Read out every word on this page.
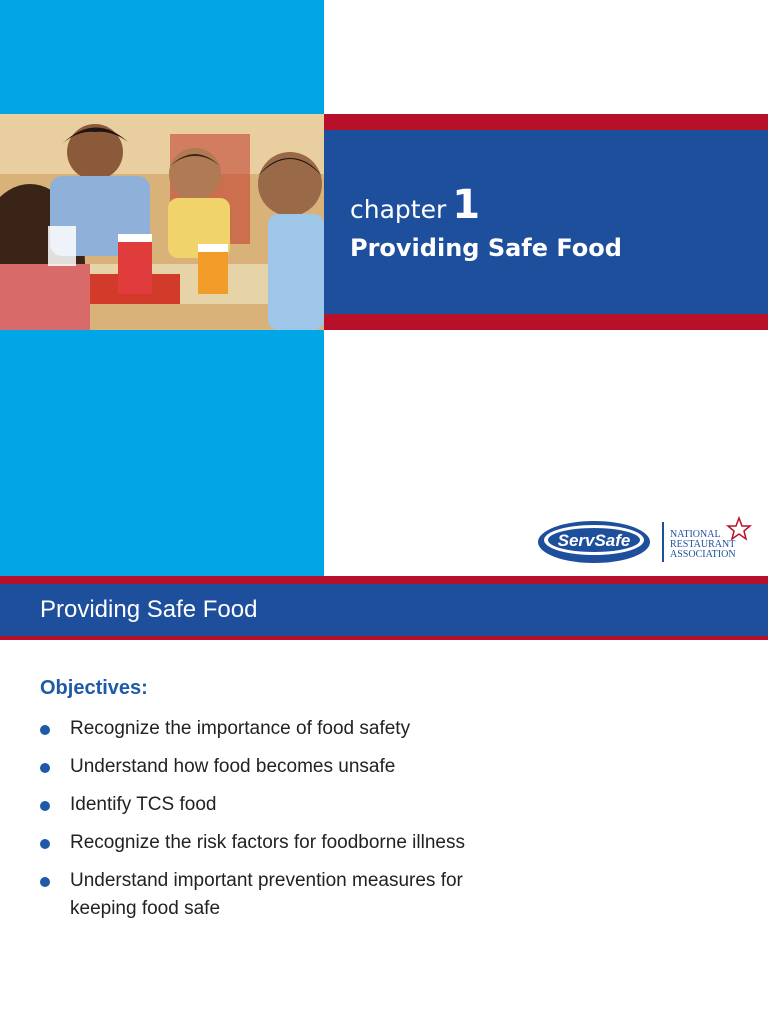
chapter 1
Providing Safe Food
ServSafe	NATIONAL
RESTAURANT
ASSOCIATION
Providing Safe Food
Objectives:
Recognize the importance of food safety
Understand how food becomes unsafe
Identify TCS food
Recognize the risk factors for foodborne illness
Understand important prevention measures for keeping food safe
